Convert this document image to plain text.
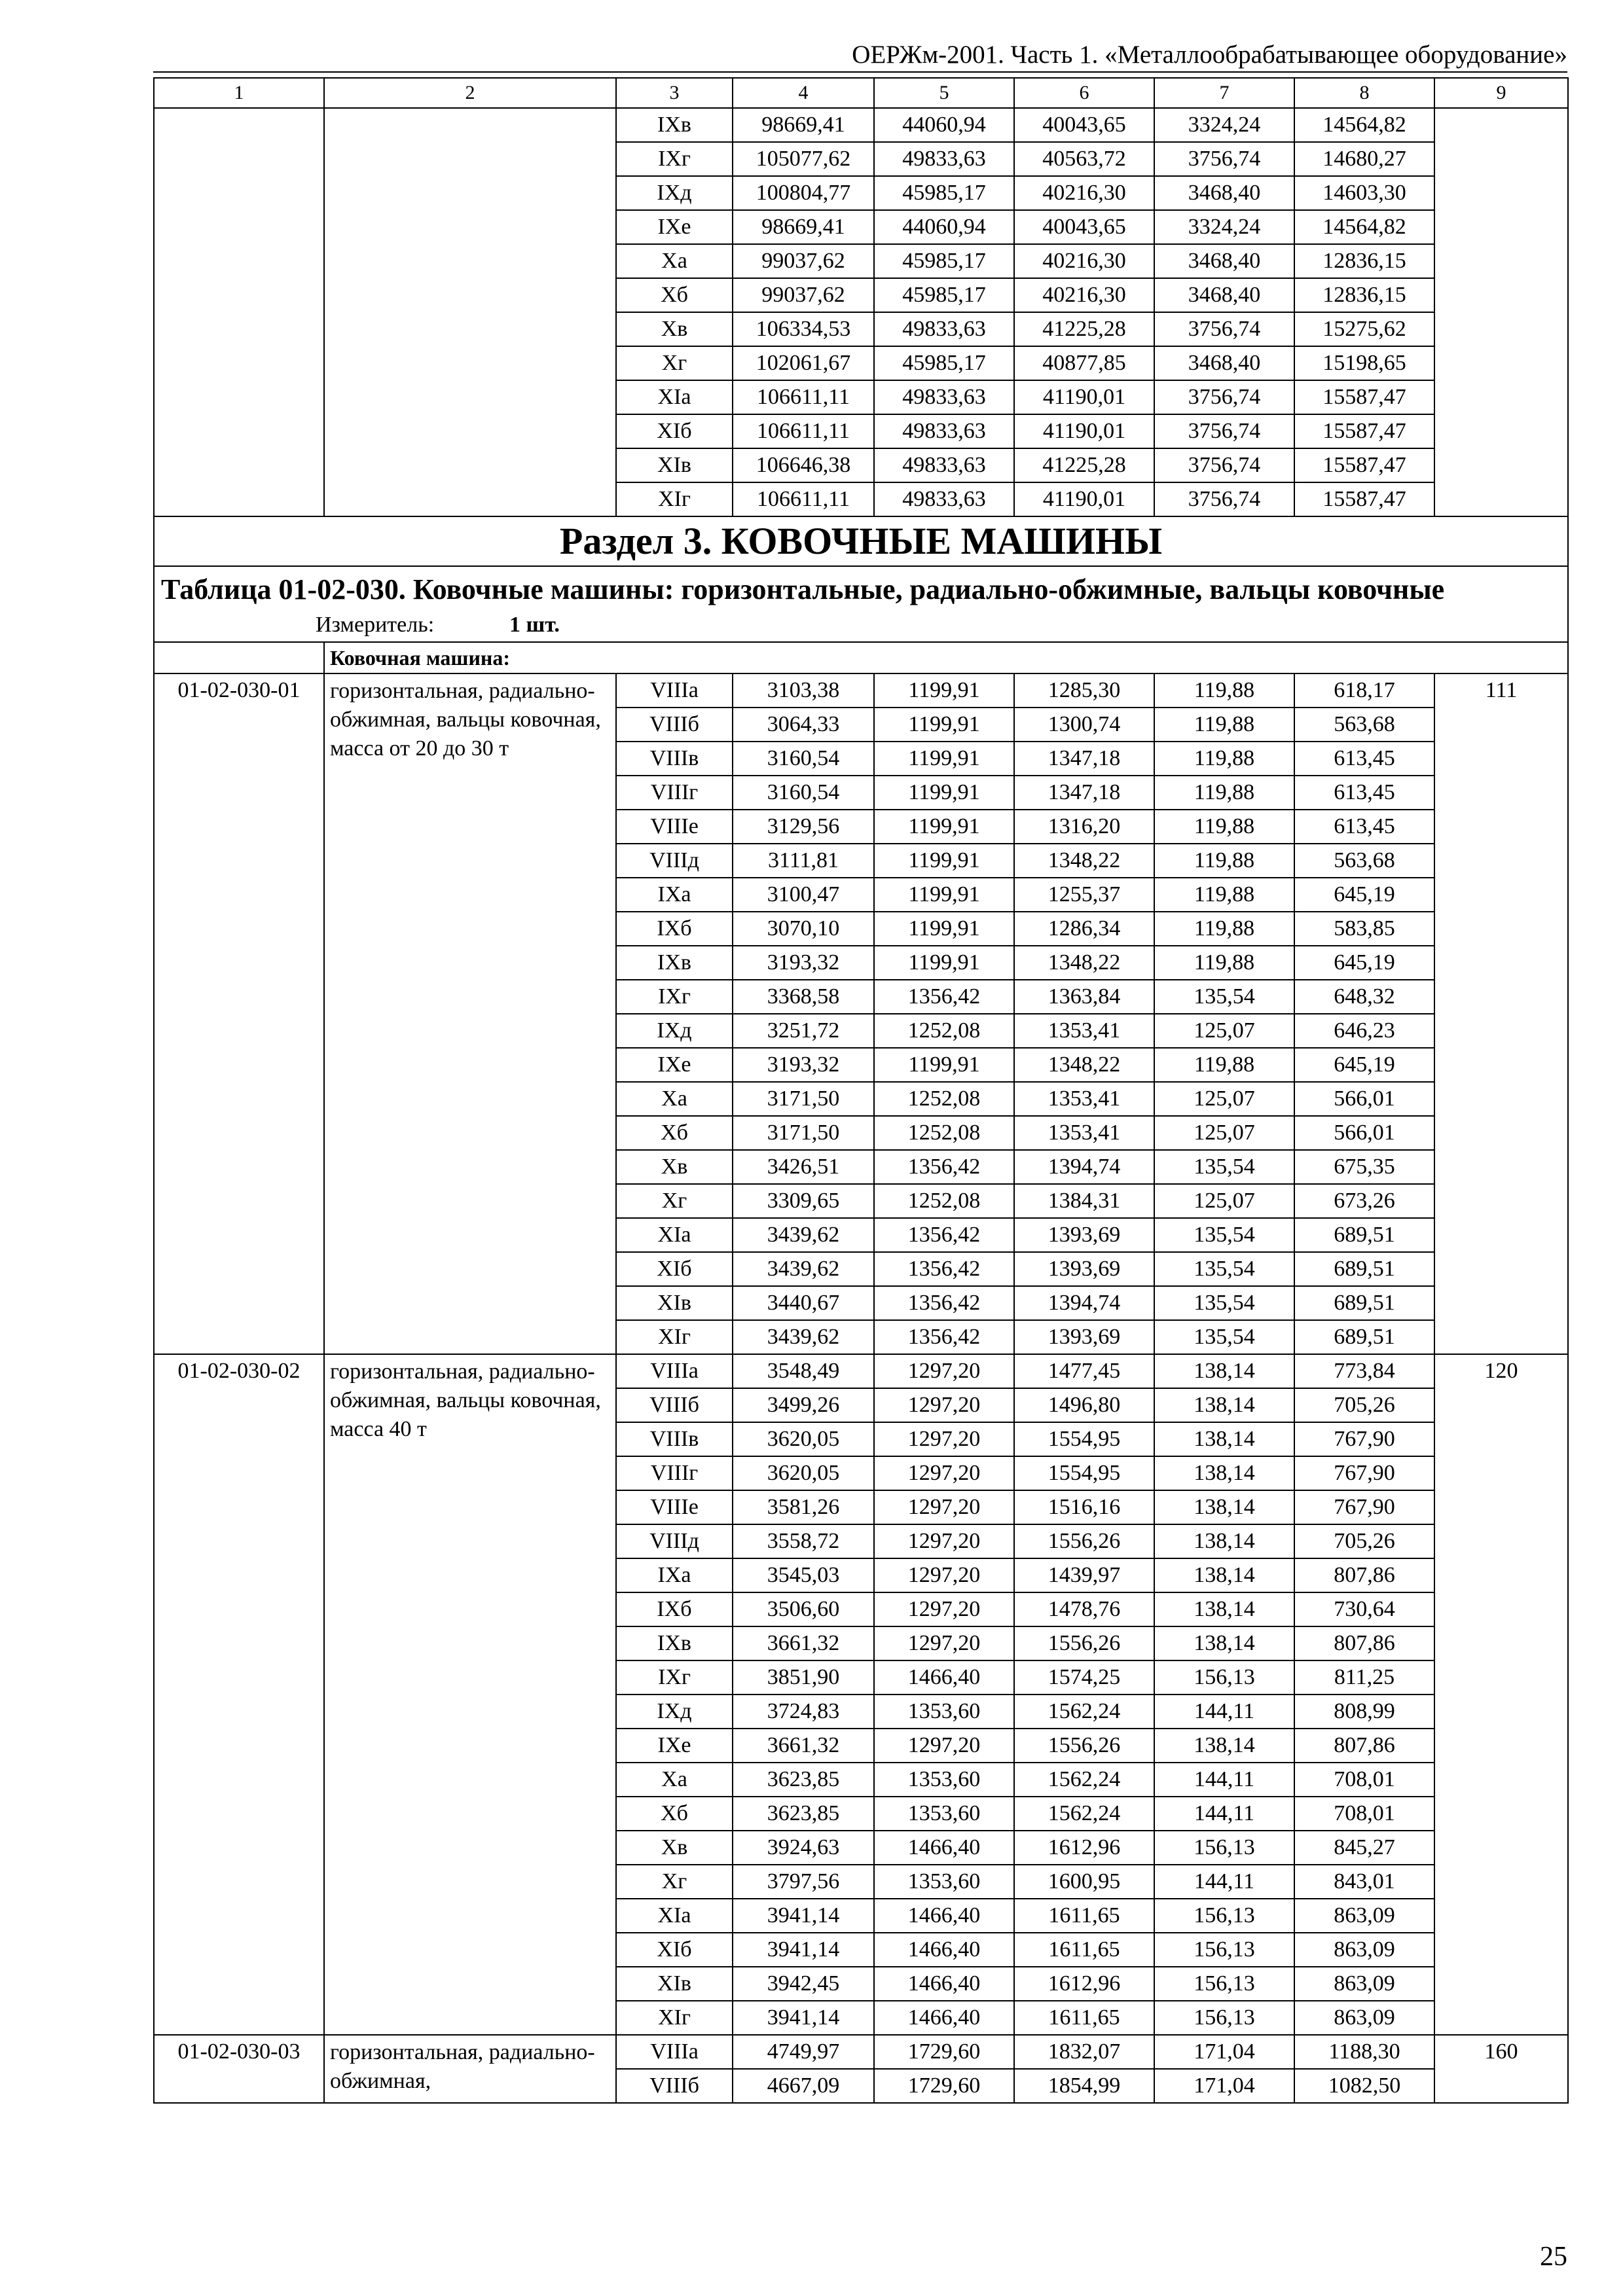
ОЕРЖм-2001. Часть 1. «Металлообрабатывающее оборудование»
1	2	3	4	5	6	7	8	9
		IXв	98669,41	44060,94	40043,65	3324,24	14564,82	
		IXг	105077,62	49833,63	40563,72	3756,74	14680,27	
		IXд	100804,77	45985,17	40216,30	3468,40	14603,30	
		IXе	98669,41	44060,94	40043,65	3324,24	14564,82	
		Xа	99037,62	45985,17	40216,30	3468,40	12836,15	
		Xб	99037,62	45985,17	40216,30	3468,40	12836,15	
		Xв	106334,53	49833,63	41225,28	3756,74	15275,62	
		Xг	102061,67	45985,17	40877,85	3468,40	15198,65	
		XIа	106611,11	49833,63	41190,01	3756,74	15587,47	
		XIб	106611,11	49833,63	41190,01	3756,74	15587,47	
		XIв	106646,38	49833,63	41225,28	3756,74	15587,47	
		XIг	106611,11	49833,63	41190,01	3756,74	15587,47	
Раздел 3. КОВОЧНЫЕ МАШИНЫ								

Таблица 01-02-030. Ковочные машины: горизонтальные, радиально-обжимные, вальцы ковочные
Измеритель: 1 шт.								

	Ковочная машина:							
01-02-030-01	горизонтальная, радиально-обжимная, вальцы ковочная, масса от 20 до 30 т	VIIIа	3103,38	1199,91	1285,30	119,88	618,17	111
		VIIIб	3064,33	1199,91	1300,74	119,88	563,68	
		VIIIв	3160,54	1199,91	1347,18	119,88	613,45	
		VIIIг	3160,54	1199,91	1347,18	119,88	613,45	
		VIIIе	3129,56	1199,91	1316,20	119,88	613,45	
		VIIIд	3111,81	1199,91	1348,22	119,88	563,68	
		IXа	3100,47	1199,91	1255,37	119,88	645,19	
		IXб	3070,10	1199,91	1286,34	119,88	583,85	
		IXв	3193,32	1199,91	1348,22	119,88	645,19	
		IXг	3368,58	1356,42	1363,84	135,54	648,32	
		IXд	3251,72	1252,08	1353,41	125,07	646,23	
		IXе	3193,32	1199,91	1348,22	119,88	645,19	
		Xа	3171,50	1252,08	1353,41	125,07	566,01	
		Xб	3171,50	1252,08	1353,41	125,07	566,01	
		Xв	3426,51	1356,42	1394,74	135,54	675,35	
		Xг	3309,65	1252,08	1384,31	125,07	673,26	
		XIа	3439,62	1356,42	1393,69	135,54	689,51	
		XIб	3439,62	1356,42	1393,69	135,54	689,51	
		XIв	3440,67	1356,42	1394,74	135,54	689,51	
		XIг	3439,62	1356,42	1393,69	135,54	689,51	
01-02-030-02	горизонтальная, радиально-обжимная, вальцы ковочная, масса 40 т	VIIIа	3548,49	1297,20	1477,45	138,14	773,84	120
		VIIIб	3499,26	1297,20	1496,80	138,14	705,26	
		VIIIв	3620,05	1297,20	1554,95	138,14	767,90	
		VIIIг	3620,05	1297,20	1554,95	138,14	767,90	
		VIIIе	3581,26	1297,20	1516,16	138,14	767,90	
		VIIIд	3558,72	1297,20	1556,26	138,14	705,26	
		IXа	3545,03	1297,20	1439,97	138,14	807,86	
		IXб	3506,60	1297,20	1478,76	138,14	730,64	
		IXв	3661,32	1297,20	1556,26	138,14	807,86	
		IXг	3851,90	1466,40	1574,25	156,13	811,25	
		IXд	3724,83	1353,60	1562,24	144,11	808,99	
		IXе	3661,32	1297,20	1556,26	138,14	807,86	
		Xа	3623,85	1353,60	1562,24	144,11	708,01	
		Xб	3623,85	1353,60	1562,24	144,11	708,01	
		Xв	3924,63	1466,40	1612,96	156,13	845,27	
		Xг	3797,56	1353,60	1600,95	144,11	843,01	
		XIа	3941,14	1466,40	1611,65	156,13	863,09	
		XIб	3941,14	1466,40	1611,65	156,13	863,09	
		XIв	3942,45	1466,40	1612,96	156,13	863,09	
		XIг	3941,14	1466,40	1611,65	156,13	863,09	
01-02-030-03	горизонтальная, радиально-обжимная,	VIIIа	4749,97	1729,60	1832,07	171,04	1188,30	160
		VIIIб	4667,09	1729,60	1854,99	171,04	1082,50	
25
